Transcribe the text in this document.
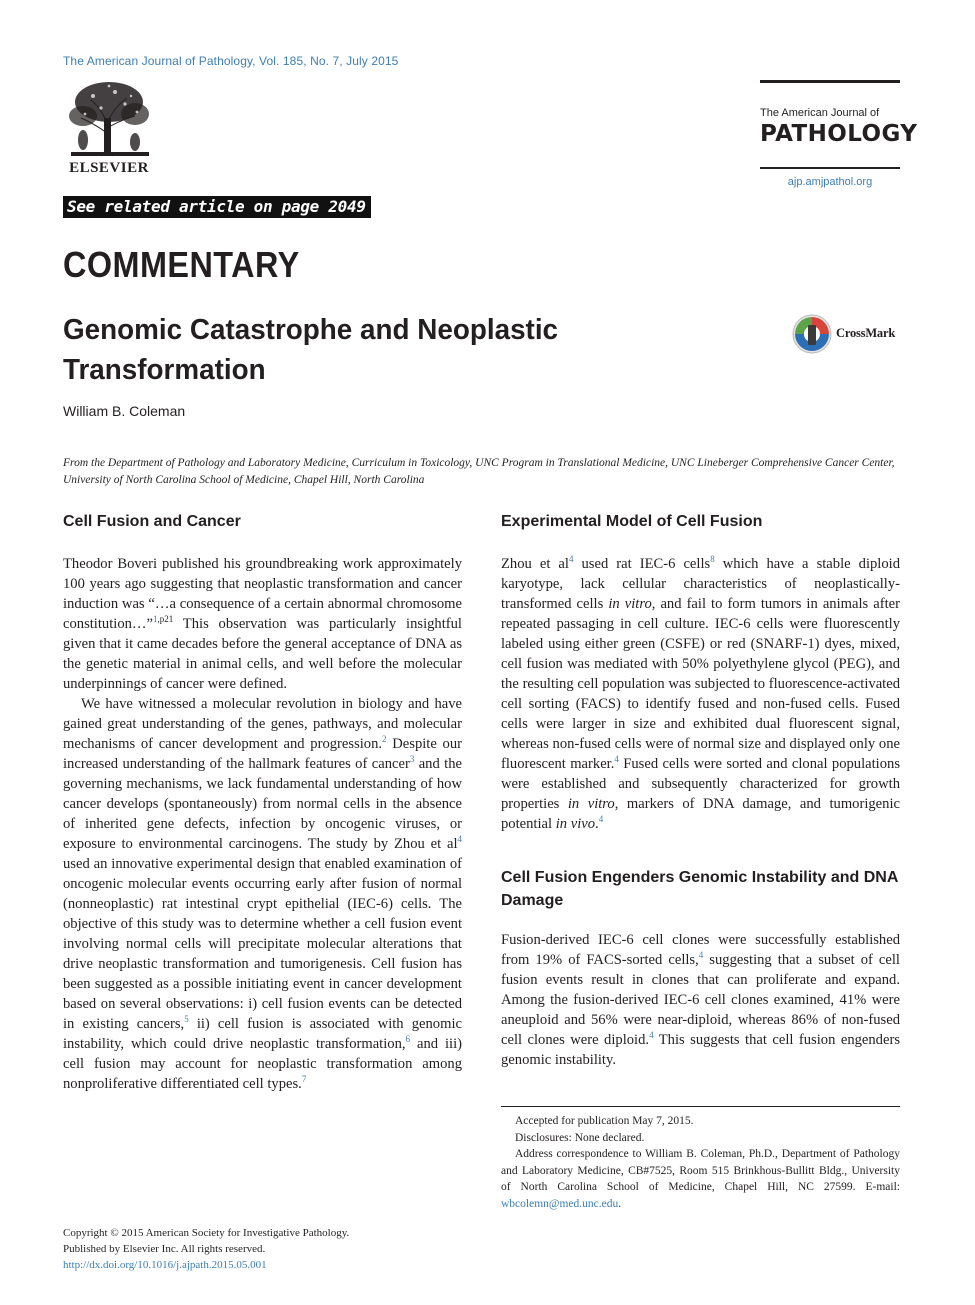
The American Journal of Pathology, Vol. 185, No. 7, July 2015
ELSEVIER
See related article on page 2049
The American Journal of
PATHOLOGY
ajp.amjpathol.org
COMMENTARY
Genomic Catastrophe and Neoplastic Transformation
CrossMark
William B. Coleman
From the Department of Pathology and Laboratory Medicine, Curriculum in Toxicology, UNC Program in Translational Medicine, UNC Lineberger Comprehensive Cancer Center, University of North Carolina School of Medicine, Chapel Hill, North Carolina
Cell Fusion and Cancer

Theodor Boveri published his groundbreaking work approximately 100 years ago suggesting that neoplastic transformation and cancer induction was “…a consequence of a certain abnormal chromosome constitution…”$^{1,p21}$ This observation was particularly insightful given that it came decades before the general acceptance of DNA as the genetic material in animal cells, and well before the molecular underpinnings of cancer were defined.

We have witnessed a molecular revolution in biology and have gained great understanding of the genes, pathways, and molecular mechanisms of cancer development and progression.$^2$ Despite our increased understanding of the hallmark features of cancer$^3$ and the governing mechanisms, we lack fundamental understanding of how cancer develops (spontaneously) from normal cells in the absence of inherited gene defects, infection by oncogenic viruses, or exposure to environmental carcinogens. The study by Zhou et al$^4$ used an innovative experimental design that enabled examination of oncogenic molecular events occurring early after fusion of normal (nonneoplastic) rat intestinal crypt epithelial (IEC-6) cells. The objective of this study was to determine whether a cell fusion event involving normal cells will precipitate molecular alterations that drive neoplastic transformation and tumorigenesis. Cell fusion has been suggested as a possible initiating event in cancer development based on several observations: i) cell fusion events can be detected in existing cancers,$^5$ ii) cell fusion is associated with genomic instability, which could drive neoplastic transformation,$^6$ and iii) cell fusion may account for neoplastic transformation among nonproliferative differentiated cell types.$^7$

Experimental Model of Cell Fusion

Zhou et al$^4$ used rat IEC-6 cells$^8$ which have a stable diploid karyotype, lack cellular characteristics of neoplastically-transformed cells in vitro, and fail to form tumors in animals after repeated passaging in cell culture. IEC-6 cells were fluorescently labeled using either green (CSFE) or red (SNARF-1) dyes, mixed, cell fusion was mediated with 50% polyethylene glycol (PEG), and the resulting cell population was subjected to fluorescence-activated cell sorting (FACS) to identify fused and non-fused cells. Fused cells were larger in size and exhibited dual fluorescent signal, whereas non-fused cells were of normal size and displayed only one fluorescent marker.$^4$ Fused cells were sorted and clonal populations were established and subsequently characterized for growth properties in vitro, markers of DNA damage, and tumorigenic potential in vivo.$^4$

Cell Fusion Engenders Genomic Instability and DNA Damage

Fusion-derived IEC-6 cell clones were successfully established from 19% of FACS-sorted cells,$^4$ suggesting that a subset of cell fusion events result in clones that can proliferate and expand. Among the fusion-derived IEC-6 cell clones examined, 41% were aneuploid and 56% were near-diploid, whereas 86% of non-fused cell clones were diploid.$^4$ This suggests that cell fusion engenders genomic instability.

Accepted for publication May 7, 2015.

Disclosures: None declared.

Address correspondence to William B. Coleman, Ph.D., Department of Pathology and Laboratory Medicine, CB#7525, Room 515 Brinkhous-Bullitt Bldg., University of North Carolina School of Medicine, Chapel Hill, NC 27599. E-mail: wbcolemn@med.unc.edu.

Copyright © 2015 American Society for Investigative Pathology.
Published by Elsevier Inc. All rights reserved.
http://dx.doi.org/10.1016/j.ajpath.2015.05.001
